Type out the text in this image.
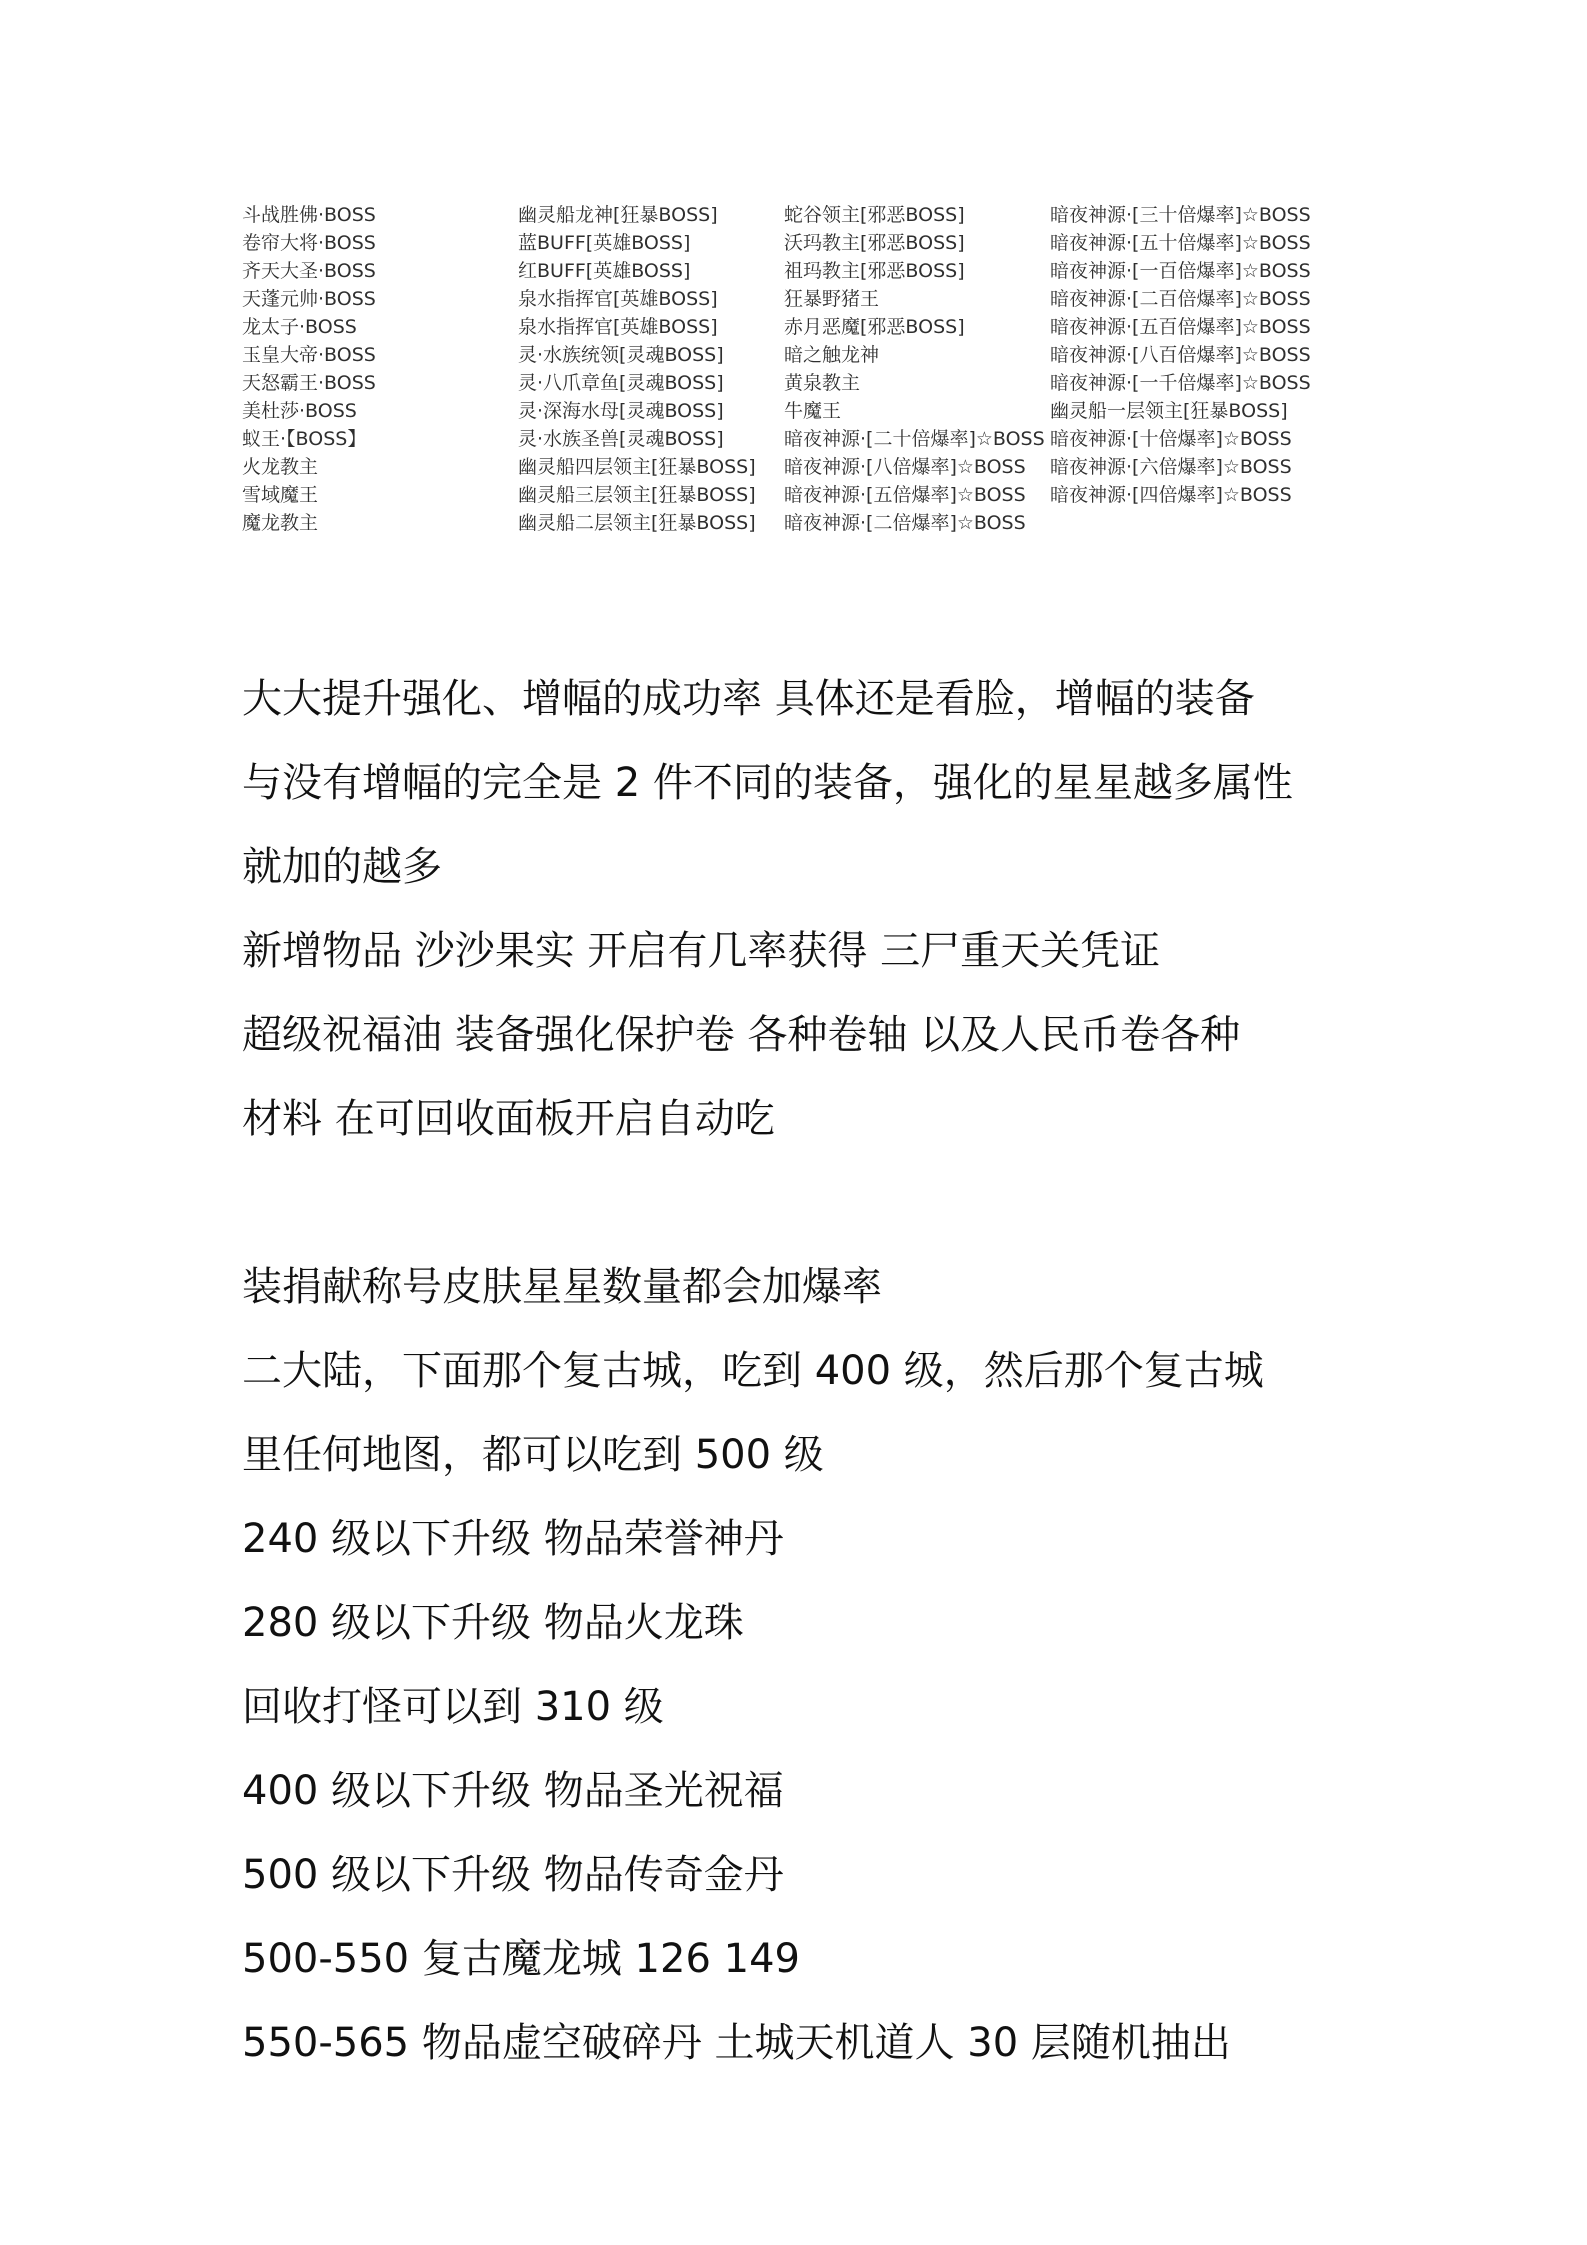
斗战胜佛·BOSS
卷帘大将·BOSS
齐天大圣·BOSS
天蓬元帅·BOSS
龙太子·BOSS
玉皇大帝·BOSS
天怒霸王·BOSS
美杜莎·BOSS
蚁王·【BOSS】
火龙教主
雪域魔王
魔龙教主
幽灵船龙神[狂暴BOSS]
蓝BUFF[英雄BOSS]
红BUFF[英雄BOSS]
泉水指挥官[英雄BOSS]
泉水指挥官[英雄BOSS]
灵·水族统领[灵魂BOSS]
灵·八爪章鱼[灵魂BOSS]
灵·深海水母[灵魂BOSS]
灵·水族圣兽[灵魂BOSS]
幽灵船四层领主[狂暴BOSS]
幽灵船三层领主[狂暴BOSS]
幽灵船二层领主[狂暴BOSS]
蛇谷领主[邪恶BOSS]
沃玛教主[邪恶BOSS]
祖玛教主[邪恶BOSS]
狂暴野猪王
赤月恶魔[邪恶BOSS]
暗之触龙神
黄泉教主
牛魔王
暗夜神源·[二十倍爆率]☆BOSS
暗夜神源·[八倍爆率]☆BOSS
暗夜神源·[五倍爆率]☆BOSS
暗夜神源·[二倍爆率]☆BOSS
暗夜神源·[三十倍爆率]☆BOSS
暗夜神源·[五十倍爆率]☆BOSS
暗夜神源·[一百倍爆率]☆BOSS
暗夜神源·[二百倍爆率]☆BOSS
暗夜神源·[五百倍爆率]☆BOSS
暗夜神源·[八百倍爆率]☆BOSS
暗夜神源·[一千倍爆率]☆BOSS
幽灵船一层领主[狂暴BOSS]
暗夜神源·[十倍爆率]☆BOSS
暗夜神源·[六倍爆率]☆BOSS
暗夜神源·[四倍爆率]☆BOSS
大大提升强化、增幅的成功率 具体还是看脸，增幅的装备
与没有增幅的完全是 2 件不同的装备，强化的星星越多属性
就加的越多
新增物品 沙沙果实 开启有几率获得 三尸重天关凭证
超级祝福油 装备强化保护卷 各种卷轴 以及人民币卷各种
材料 在可回收面板开启自动吃
装捐献称号皮肤星星数量都会加爆率
二大陆，下面那个复古城，吃到 400 级，然后那个复古城
里任何地图，都可以吃到 500 级
240 级以下升级 物品荣誉神丹
280 级以下升级 物品火龙珠
回收打怪可以到 310 级
400 级以下升级 物品圣光祝福
500 级以下升级 物品传奇金丹
500-550 复古魔龙城 126 149
550-565 物品虚空破碎丹 土城天机道人 30 层随机抽出
